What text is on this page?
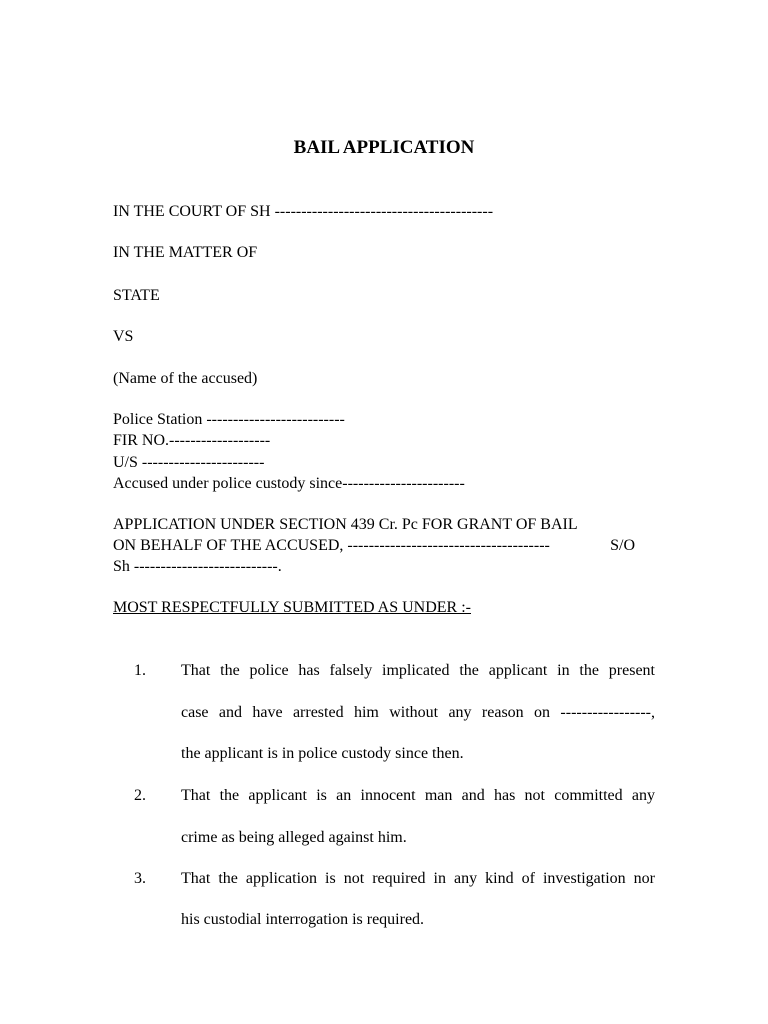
BAIL APPLICATION
IN THE COURT OF SH -----------------------------------------
IN THE MATTER OF
STATE
VS
(Name of the accused)
Police Station --------------------------
FIR NO.-------------------
U/S -----------------------
Accused under police custody since-----------------------
APPLICATION UNDER SECTION 439 Cr. Pc FOR GRANT OF BAIL
ON BEHALF OF THE ACCUSED, --------------------------------------	S/O
Sh ---------------------------.
MOST RESPECTFULLY SUBMITTED AS UNDER :-
1. That the police has falsely implicated the applicant in the present
case and have arrested him without any reason on -----------------,
the applicant is in police custody since then.
2. That the applicant is an innocent man and has not committed any
crime as being alleged against him.
3. That the application is not required in any kind of investigation nor
his custodial interrogation is required.
